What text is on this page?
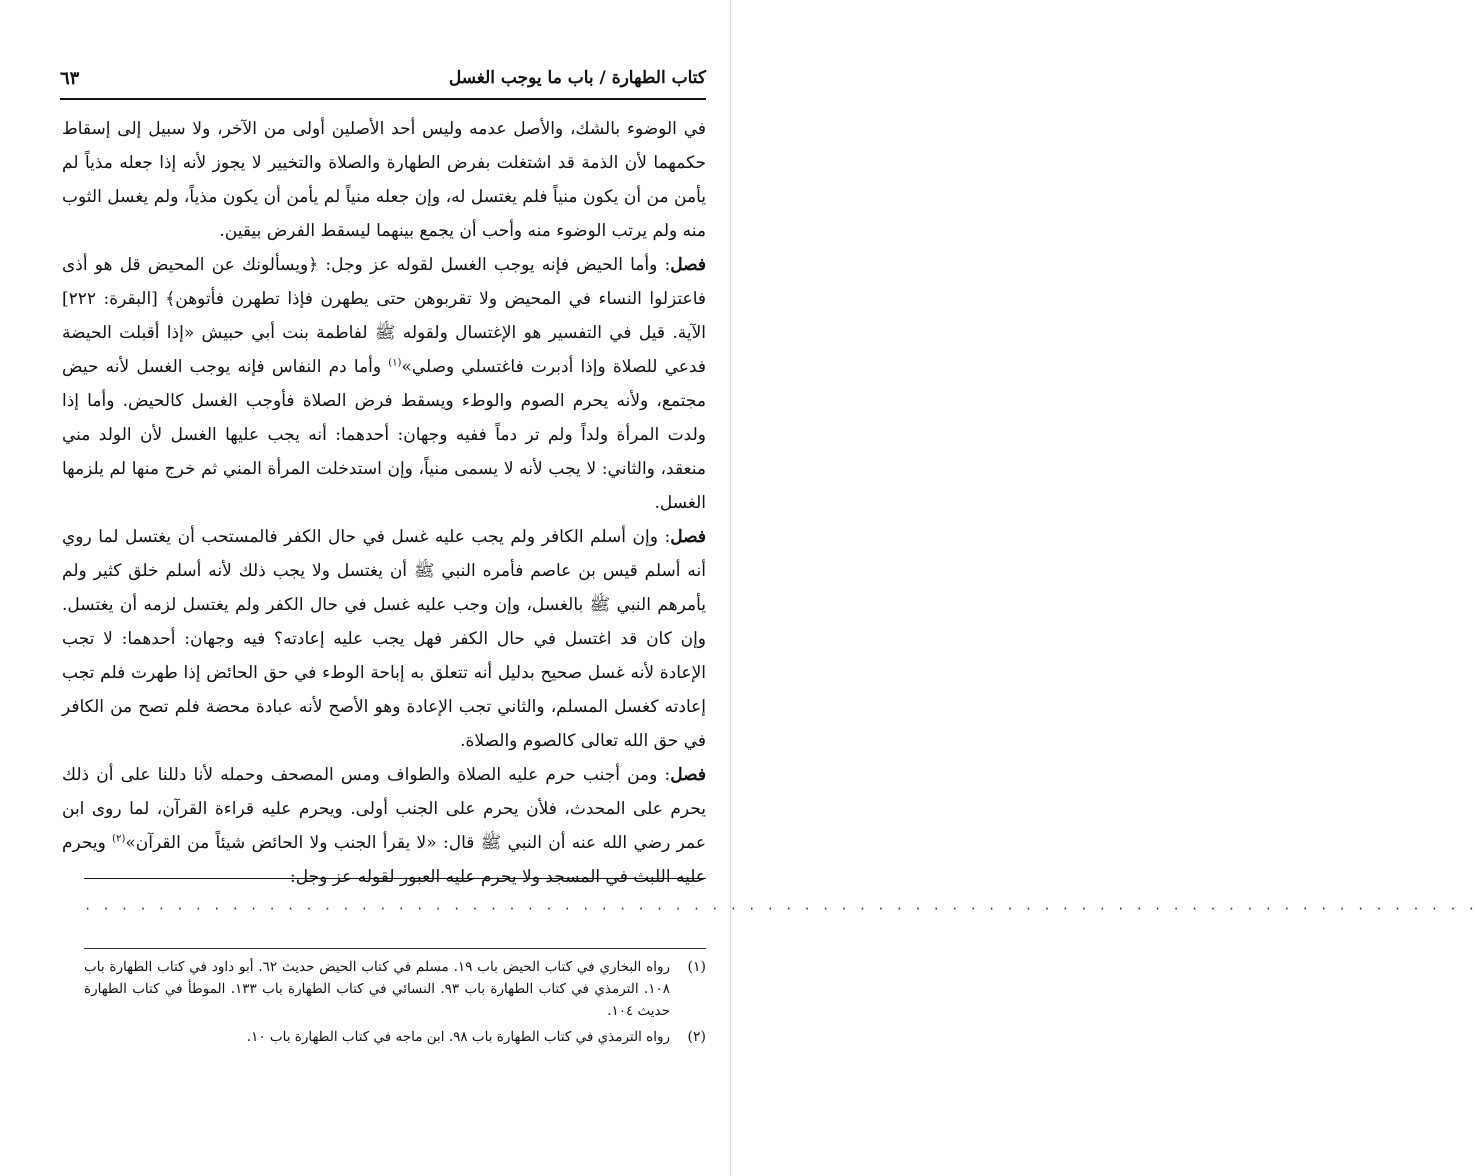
كتاب الطهارة / باب ما يوجب الغسل
٦٣

في الوضوء بالشك، والأصل عدمه وليس أحد الأصلين أولى من الآخر، ولا سبيل إلى إسقاط حكمهما لأن الذمة قد اشتغلت بفرض الطهارة والصلاة والتخيير لا يجوز لأنه إذا جعله مذياً لم يأمن من أن يكون منياً فلم يغتسل له، وإن جعله منياً لم يأمن أن يكون مذياً، ولم يغسل الثوب منه ولم يرتب الوضوء منه وأحب أن يجمع بينهما ليسقط الفرض بيقين.

فصل: وأما الحيض فإنه يوجب الغسل لقوله عز وجل: ﴿ويسألونك عن المحيض قل هو أذى فاعتزلوا النساء في المحيض ولا تقربوهن حتى يطهرن فإذا تطهرن فأتوهن﴾ [البقرة: ٢٢٢] الآية. قيل في التفسير هو الإغتسال ولقوله ﷺ لفاطمة بنت أبي حبيش «إذا أقبلت الحيضة فدعي للصلاة وإذا أدبرت فاغتسلي وصلي»$^{(١)}$ وأما دم النفاس فإنه يوجب الغسل لأنه حيض مجتمع، ولأنه يحرم الصوم والوطء ويسقط فرض الصلاة فأوجب الغسل كالحيض. وأما إذا ولدت المرأة ولداً ولم تر دماً ففيه وجهان: أحدهما: أنه يجب عليها الغسل لأن الولد مني منعقد، والثاني: لا يجب لأنه لا يسمى منياً، وإن استدخلت المرأة المني ثم خرج منها لم يلزمها الغسل.

فصل: وإن أسلم الكافر ولم يجب عليه غسل في حال الكفر فالمستحب أن يغتسل لما روي أنه أسلم قيس بن عاصم فأمره النبي ﷺ أن يغتسل ولا يجب ذلك لأنه أسلم خلق كثير ولم يأمرهم النبي ﷺ بالغسل، وإن وجب عليه غسل في حال الكفر ولم يغتسل لزمه أن يغتسل. وإن كان قد اغتسل في حال الكفر فهل يجب عليه إعادته؟ فيه وجهان: أحدهما: لا تجب الإعادة لأنه غسل صحيح بدليل أنه تتعلق به إباحة الوطء في حق الحائض إذا طهرت فلم تجب إعادته كغسل المسلم، والثاني تجب الإعادة وهو الأصح لأنه عبادة محضة فلم تصح من الكافر في حق الله تعالى كالصوم والصلاة.

فصل: ومن أجنب حرم عليه الصلاة والطواف ومس المصحف وحمله لأنا دللنا على أن ذلك يحرم على المحدث، فلأن يحرم على الجنب أولى. ويحرم عليه قراءة القرآن، لما روى ابن عمر رضي الله عنه أن النبي ﷺ قال: «لا يقرأ الجنب ولا الحائض شيئاً من القرآن»$^{(٢)}$ ويحرم عليه اللبث في المسجد ولا يحرم عليه العبور لقوله عز وجل:

· · · · · · · · · · · · · · · · · · · · · · · · · · · · · · · · · · · · · · · · · · · · · · · · · · · · · · · · · · · · · · · · · · · · · · · · · · · ·
(١)
رواه البخاري في كتاب الحيض باب ١٩. مسلم في كتاب الحيض حديث ٦٢. أبو داود في كتاب الطهارة باب ١٠٨. الترمذي في كتاب الطهارة باب ٩٣. النسائي في كتاب الطهارة باب ١٣٣. الموطأ في كتاب الطهارة حديث ١٠٤.
(٢)
رواه الترمذي في كتاب الطهارة باب ٩٨. ابن ماجه في كتاب الطهارة باب ١٠.
